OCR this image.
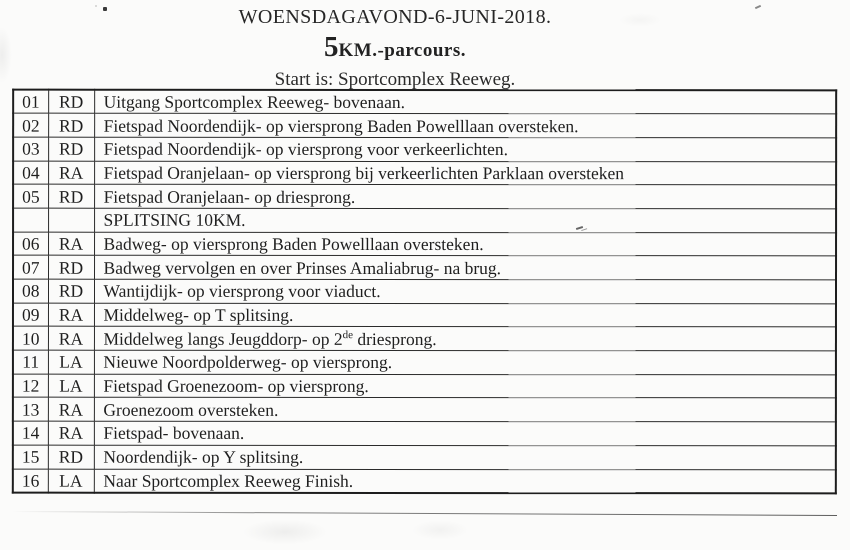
WOENSDAGAVOND-6-JUNI-2018.
5KM.-parcours.
Start is: Sportcomplex Reeweg.
01	RD	Uitgang Sportcomplex Reeweg- bovenaan.
02	RD	Fietspad Noordendijk- op viersprong Baden Powelllaan oversteken.
03	RD	Fietspad Noordendijk- op viersprong voor verkeerlichten.
04	RA	Fietspad Oranjelaan- op viersprong bij verkeerlichten Parklaan oversteken
05	RD	Fietspad Oranjelaan- op driesprong.
		SPLITSING 10KM.
06	RA	Badweg- op viersprong Baden Powelllaan oversteken.
07	RD	Badweg vervolgen en over Prinses Amaliabrug- na brug.
08	RD	Wantijdijk- op viersprong voor viaduct.
09	RA	Middelweg- op T splitsing.
10	RA	Middelweg langs Jeugddorp- op 2de driesprong.
11	LA	Nieuwe Noordpolderweg- op viersprong.
12	LA	Fietspad Groenezoom- op viersprong.
13	RA	Groenezoom oversteken.
14	RA	Fietspad- bovenaan.
15	RD	Noordendijk- op Y splitsing.
16	LA	Naar Sportcomplex Reeweg Finish.
